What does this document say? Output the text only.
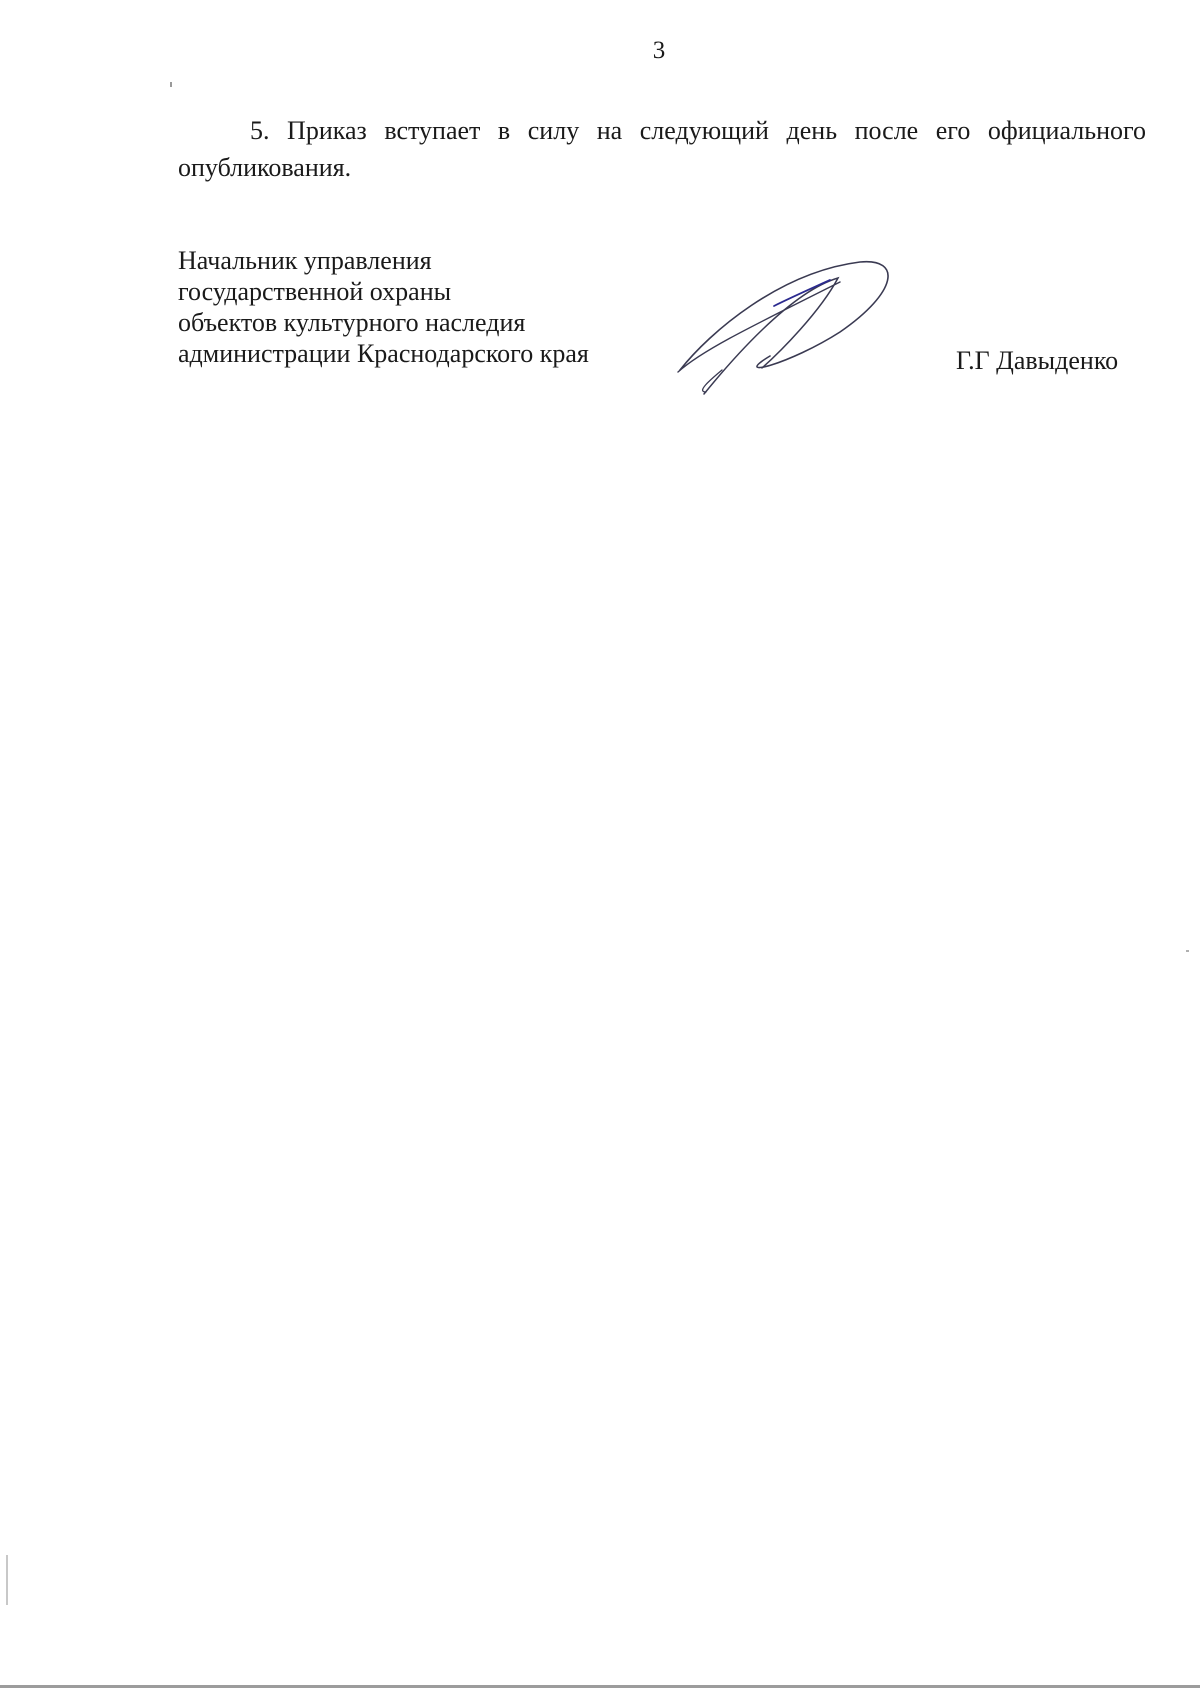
3

5. Приказ вступает в силу на следующий день после его официального опубликования.

Начальник управления
государственной охраны
объектов культурного наследия
администрации Краснодарского края	Г.Г Давыденко
